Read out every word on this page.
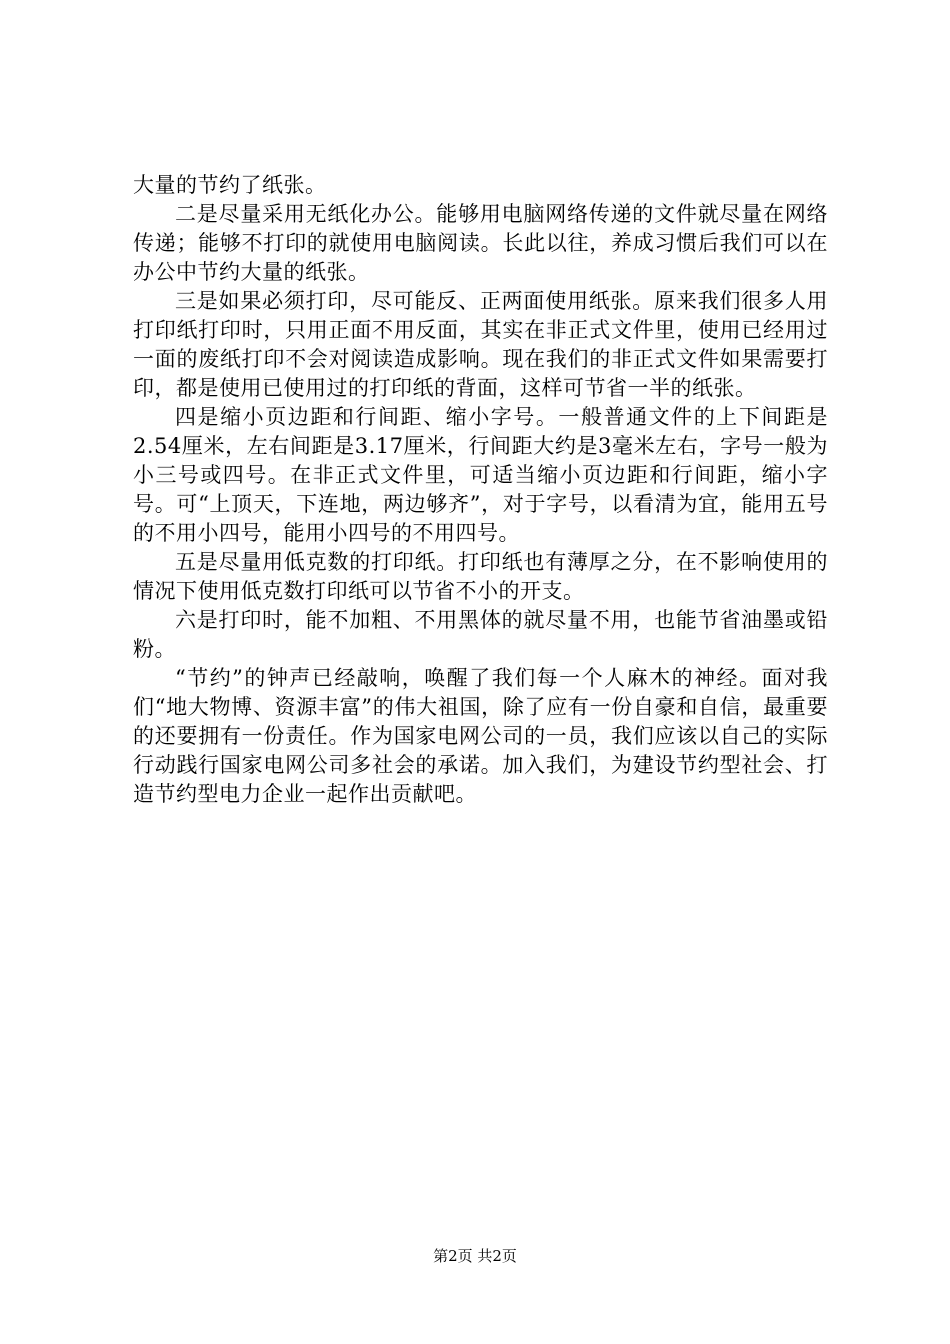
大量的节约了纸张。

二是尽量采用无纸化办公。能够用电脑网络传递的文件就尽量在网络传递；能够不打印的就使用电脑阅读。长此以往，养成习惯后我们可以在办公中节约大量的纸张。

三是如果必须打印，尽可能反、正两面使用纸张。原来我们很多人用打印纸打印时，只用正面不用反面，其实在非正式文件里，使用已经用过一面的废纸打印不会对阅读造成影响。现在我们的非正式文件如果需要打印，都是使用已使用过的打印纸的背面，这样可节省一半的纸张。

四是缩小页边距和行间距、缩小字号。一般普通文件的上下间距是2.54厘米，左右间距是3.17厘米，行间距大约是3毫米左右，字号一般为小三号或四号。在非正式文件里，可适当缩小页边距和行间距，缩小字号。可“上顶天，下连地，两边够齐”，对于字号，以看清为宜，能用五号的不用小四号，能用小四号的不用四号。

五是尽量用低克数的打印纸。打印纸也有薄厚之分，在不影响使用的情况下使用低克数打印纸可以节省不小的开支。

六是打印时，能不加粗、不用黑体的就尽量不用，也能节省油墨或铅粉。

“节约”的钟声已经敲响，唤醒了我们每一个人麻木的神经。面对我们“地大物博、资源丰富”的伟大祖国，除了应有一份自豪和自信，最重要的还要拥有一份责任。作为国家电网公司的一员，我们应该以自己的实际行动践行国家电网公司多社会的承诺。加入我们，为建设节约型社会、打造节约型电力企业一起作出贡献吧。

第2页 共2页
